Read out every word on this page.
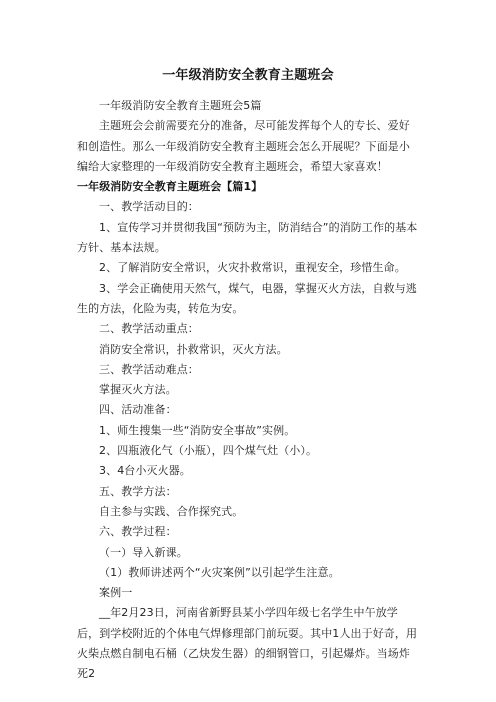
一年级消防安全教育主题班会

一年级消防安全教育主题班会5篇

主题班会会前需要充分的准备，尽可能发挥每个人的专长、爱好和创造性。那么一年级消防安全教育主题班会怎么开展呢？下面是小编给大家整理的一年级消防安全教育主题班会，希望大家喜欢！

一年级消防安全教育主题班会【篇1】

一、教学活动目的：

1、宣传学习并贯彻我国“预防为主，防消结合”的消防工作的基本方针、基本法规。

2、了解消防安全常识，火灾扑救常识，重视安全，珍惜生命。

3、学会正确使用天然气，煤气，电器，掌握灭火方法，自救与逃生的方法，化险为夷，转危为安。

二、教学活动重点：

消防安全常识，扑救常识，灭火方法。

三、教学活动难点：

掌握灭火方法。

四、活动准备：

1、师生搜集一些“消防安全事故”实例。

2、四瓶液化气（小瓶），四个煤气灶（小）。

3、4台小灭火器。

五、教学方法：

自主参与实践、合作探究式。

六、教学过程：

（一）导入新课。

（1）教师讲述两个“火灾案例”以引起学生注意。

案例一

__年2月23日，河南省新野县某小学四年级七名学生中午放学后，到学校附近的个体电气焊修理部门前玩耍。其中1人出于好奇，用火柴点燃自制电石桶（乙炔发生器）的细钢管口，引起爆炸。当场炸死2
